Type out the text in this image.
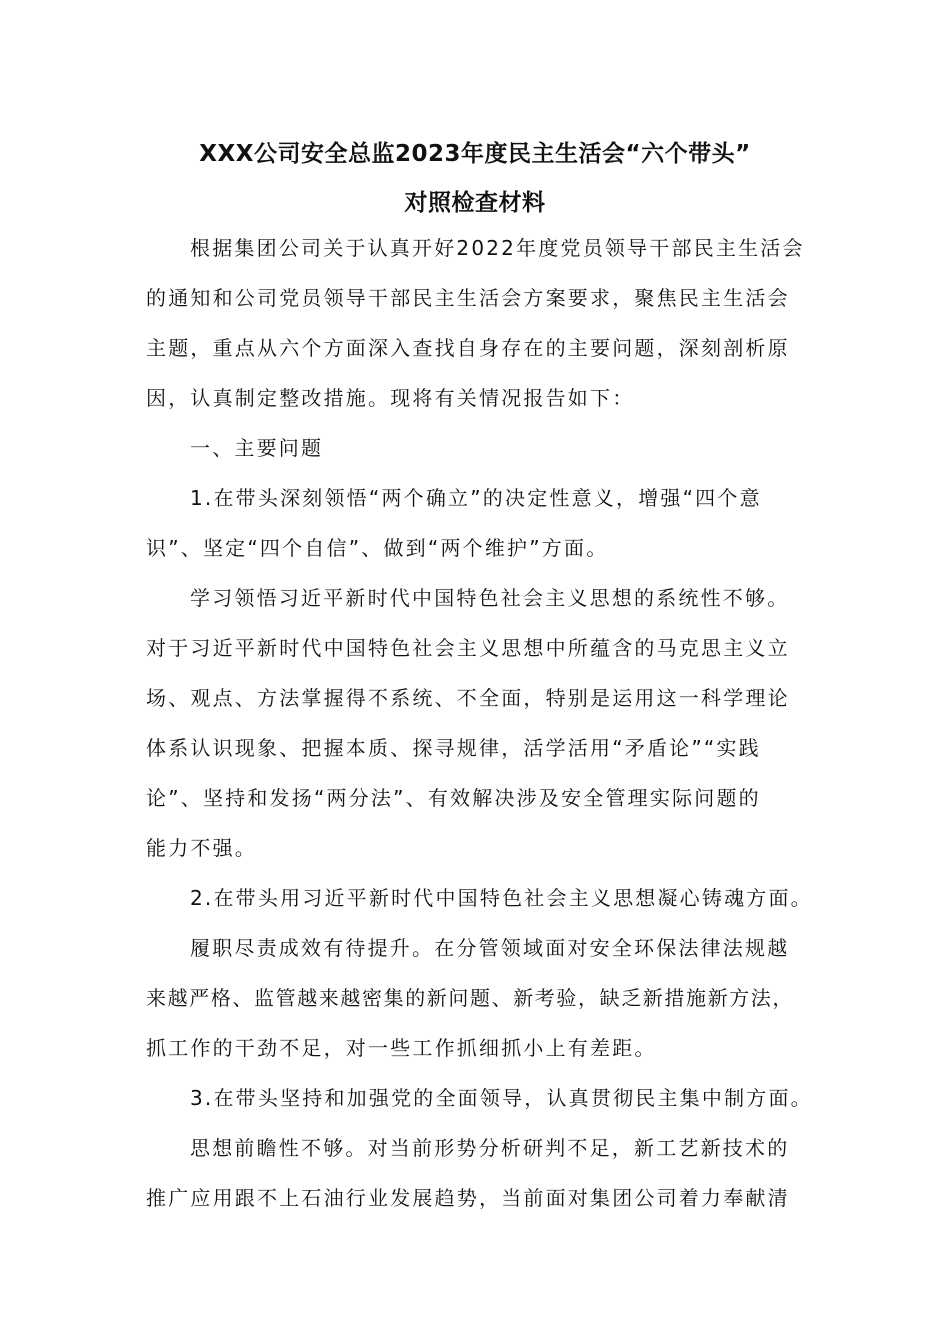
XXX公司安全总监2023年度民主生活会“六个带头”
对照检查材料
根据集团公司关于认真开好2022年度党员领导干部民主生活会
的通知和公司党员领导干部民主生活会方案要求，聚焦民主生活会
主题，重点从六个方面深入查找自身存在的主要问题，深刻剖析原
因，认真制定整改措施。现将有关情况报告如下：
一、主要问题
1.在带头深刻领悟“两个确立”的决定性意义，增强“四个意
识”、坚定“四个自信”、做到“两个维护”方面。
学习领悟习近平新时代中国特色社会主义思想的系统性不够。
对于习近平新时代中国特色社会主义思想中所蕴含的马克思主义立
场、观点、方法掌握得不系统、不全面，特别是运用这一科学理论
体系认识现象、把握本质、探寻规律，活学活用“矛盾论”“实践
论”、坚持和发扬“两分法”、有效解决涉及安全管理实际问题的
能力不强。
2.在带头用习近平新时代中国特色社会主义思想凝心铸魂方面。
履职尽责成效有待提升。在分管领域面对安全环保法律法规越
来越严格、监管越来越密集的新问题、新考验，缺乏新措施新方法，
抓工作的干劲不足，对一些工作抓细抓小上有差距。
3.在带头坚持和加强党的全面领导，认真贯彻民主集中制方面。
思想前瞻性不够。对当前形势分析研判不足，新工艺新技术的
推广应用跟不上石油行业发展趋势，当前面对集团公司着力奉献清
